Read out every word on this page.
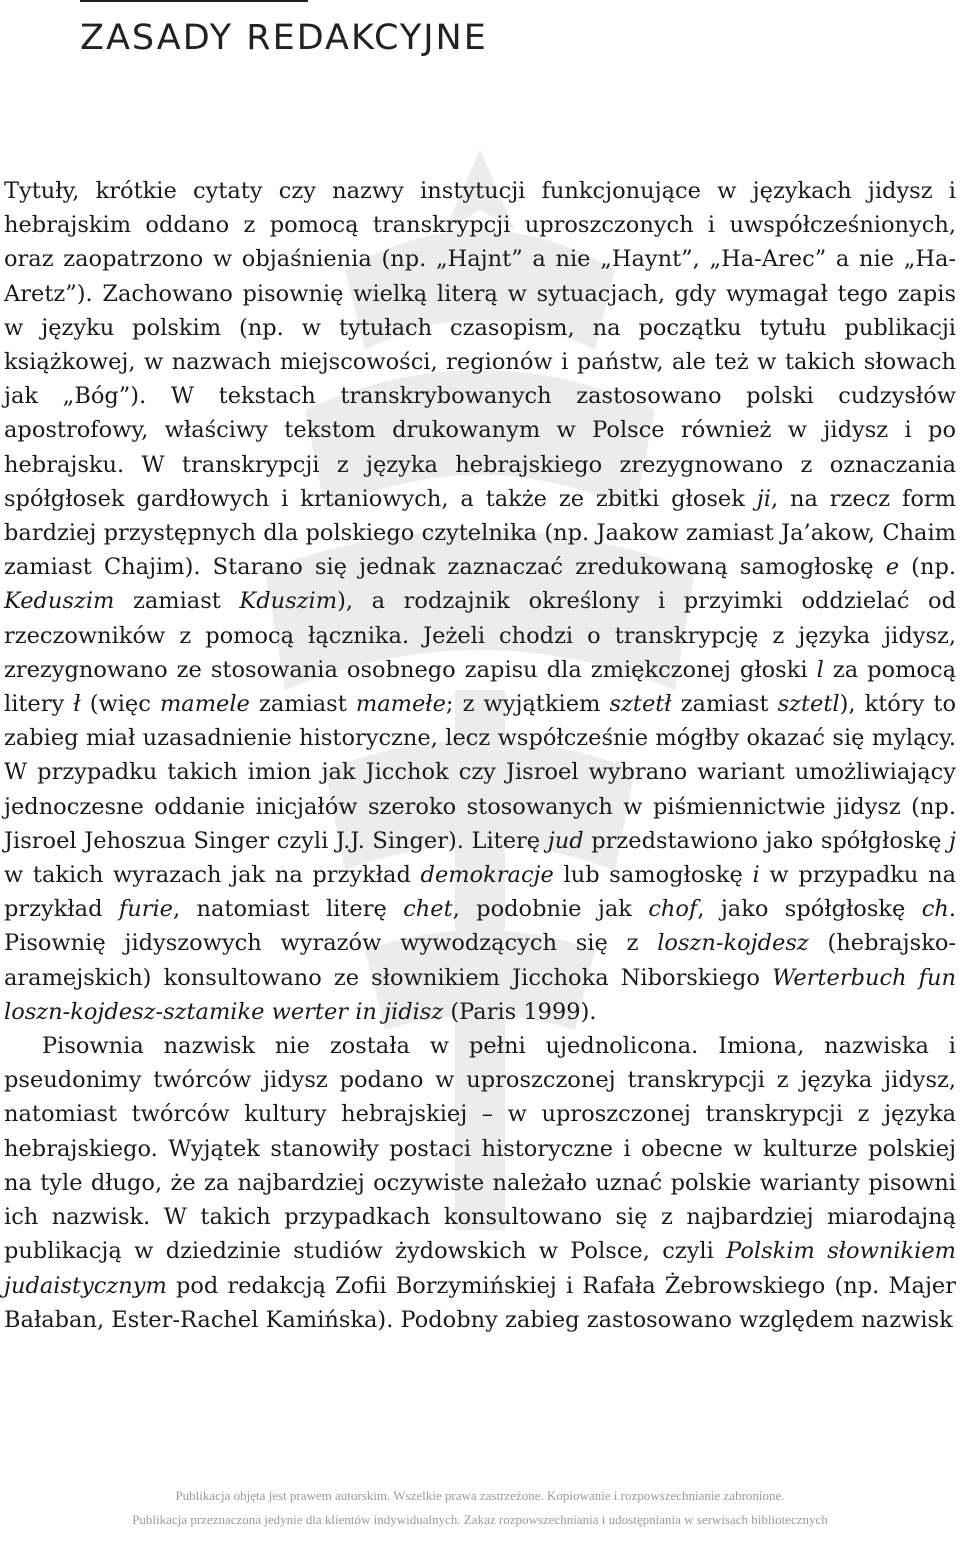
ZASADY REDAKCYJNE

Tytuły, krótkie cytaty czy nazwy instytucji funkcjonujące w językach jidysz i hebrajskim oddano z pomocą transkrypcji uproszczonych i uwspółcześnionych, oraz zaopatrzono w objaśnienia (np. „Hajnt” a nie „Haynt”, „Ha-Arec” a nie „Ha-Aretz”). Zachowano pisownię wielką literą w sytuacjach, gdy wymagał tego zapis w języku polskim (np. w tytułach czasopism, na początku tytułu publikacji książkowej, w nazwach miejscowości, regionów i państw, ale też w takich słowach jak „Bóg”). W tekstach transkrybowanych zastosowano polski cudzysłów apostrofowy, właściwy tekstom drukowanym w Polsce również w jidysz i po hebrajsku. W transkrypcji z języka hebrajskiego zrezygnowano z oznaczania spółgłosek gardłowych i krtaniowych, a także ze zbitki głosek ji, na rzecz form bardziej przystępnych dla polskiego czytelnika (np. Jaakow zamiast Ja’akow, Chaim zamiast Chajim). Starano się jednak zaznaczać zredukowaną samogłoskę e (np. Keduszim zamiast Kduszim), a rodzajnik określony i przyimki oddzielać od rzeczowników z pomocą łącznika. Jeżeli chodzi o transkrypcję z języka jidysz, zrezygnowano ze stosowania osobnego zapisu dla zmiękczonej głoski l za pomocą litery ł (więc mamele zamiast mamełe; z wyjątkiem sztetł zamiast sztetl), który to zabieg miał uzasadnienie historyczne, lecz współcześnie mógłby okazać się mylący. W przypadku takich imion jak Jicchok czy Jisroel wybrano wariant umożliwiający jednoczesne oddanie inicjałów szeroko stosowanych w piśmiennictwie jidysz (np. Jisroel Jehoszua Singer czyli J.J. Singer). Literę jud przedstawiono jako spółgłoskę j w takich wyrazach jak na przykład demokracje lub samogłoskę i w przypadku na przykład furie, natomiast literę chet, podobnie jak chof, jako spółgłoskę ch. Pisownię jidyszowych wyrazów wywodzących się z loszn-kojdesz (hebrajsko-aramejskich) konsultowano ze słownikiem Jicchoka Niborskiego Werterbuch fun loszn-kojdesz-sztamike werter in jidisz (Paris 1999).

Pisownia nazwisk nie została w pełni ujednolicona. Imiona, nazwiska i pseudonimy twórców jidysz podano w uproszczonej transkrypcji z języka jidysz, natomiast twórców kultury hebrajskiej – w uproszczonej transkrypcji z języka hebrajskiego. Wyjątek stanowiły postaci historyczne i obecne w kulturze polskiej na tyle długo, że za najbardziej oczywiste należało uznać polskie warianty pisowni ich nazwisk. W takich przypadkach konsultowano się z najbardziej miarodajną publikacją w dziedzinie studiów żydowskich w Polsce, czyli Polskim słownikiem judaistycznym pod redakcją Zofii Borzymińskiej i Rafała Żebrowskiego (np. Majer Bałaban, Ester-Rachel Kamińska). Podobny zabieg zastosowano względem nazwisk

Publikacja objęta jest prawem autorskim. Wszelkie prawa zastrzeżone. Kopiowanie i rozpowszechnianie zabronione.
Publikacja przeznaczona jedynie dla klientów indywidualnych. Zakaz rozpowszechniania i udostępniania w serwisach bibliotecznych
